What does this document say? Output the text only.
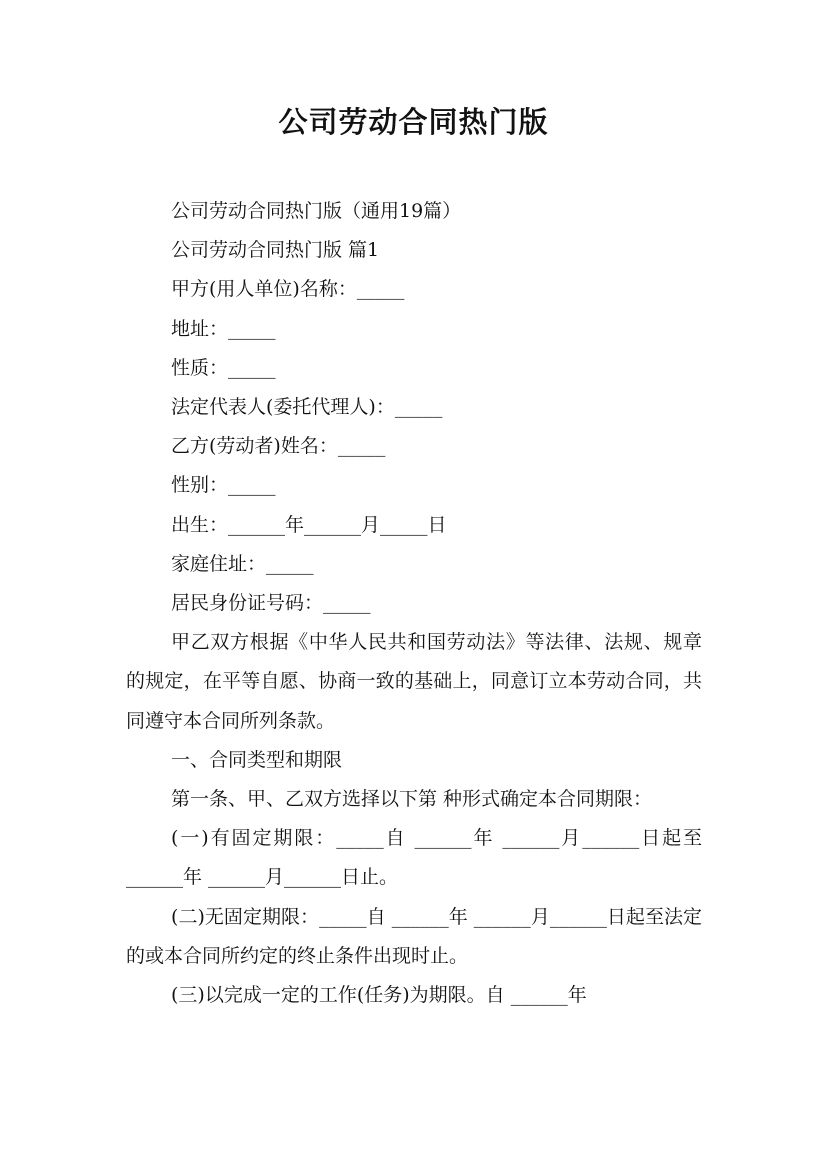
公司劳动合同热门版

公司劳动合同热门版（通用19篇）

公司劳动合同热门版 篇1

甲方(用人单位)名称：_____

地址：_____

性质：_____

法定代表人(委托代理人)：_____

乙方(劳动者)姓名：_____

性别：_____

出生：______年______月_____日

家庭住址：_____

居民身份证号码：_____

甲乙双方根据《中华人民共和国劳动法》等法律、法规、规章的规定，在平等自愿、协商一致的基础上，同意订立本劳动合同，共同遵守本合同所列条款。

一、合同类型和期限

第一条、甲、乙双方选择以下第 种形式确定本合同期限：

(一)有固定期限：_____自 ______年 ______月______日起至 ______年 ______月______日止。

(二)无固定期限：_____自 ______年 ______月______日起至法定的或本合同所约定的终止条件出现时止。

(三)以完成一定的工作(任务)为期限。自 ______年
